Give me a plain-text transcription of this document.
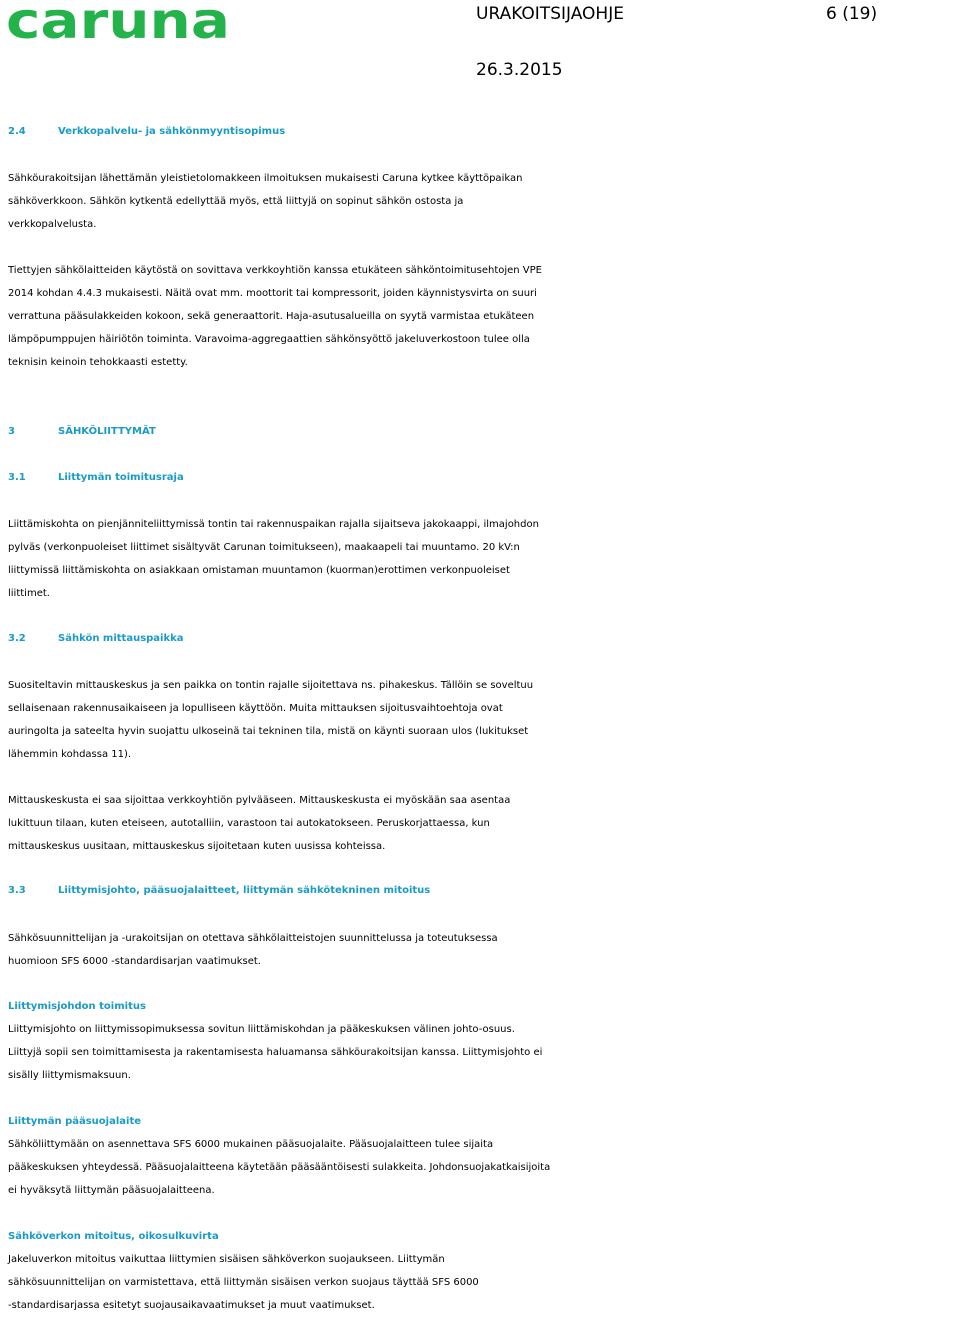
caruna	URAKOITSIJAOHJE	6 (19)
26.3.2015
2.4	Verkkopalvelu- ja sähkönmyyntisopimus

Sähköurakoitsijan lähettämän yleistietolomakkeen ilmoituksen mukaisesti Caruna kytkee käyttöpaikan
sähköverkkoon. Sähkön kytkentä edellyttää myös, että liittyjä on sopinut sähkön ostosta ja
verkkopalvelusta.

Tiettyjen sähkölaitteiden käytöstä on sovittava verkkoyhtiön kanssa etukäteen sähköntoimitusehtojen VPE
2014 kohdan 4.4.3 mukaisesti. Näitä ovat mm. moottorit tai kompressorit, joiden käynnistysvirta on suuri
verrattuna pääsulakkeiden kokoon, sekä generaattorit. Haja-asutusalueilla on syytä varmistaa etukäteen
lämpöpumppujen häiriötön toiminta. Varavoima-aggregaattien sähkönsyöttö jakeluverkostoon tulee olla
teknisin keinoin tehokkaasti estetty.

3	SÄHKÖLIITTYMÄT
3.1	Liittymän toimitusraja

Liittämiskohta on pienjänniteliittymissä tontin tai rakennuspaikan rajalla sijaitseva jakokaappi, ilmajohdon
pylväs (verkonpuoleiset liittimet sisältyvät Carunan toimitukseen), maakaapeli tai muuntamo. 20 kV:n
liittymissä liittämiskohta on asiakkaan omistaman muuntamon (kuorman)erottimen verkonpuoleiset
liittimet.

3.2	Sähkön mittauspaikka

Suositeltavin mittauskeskus ja sen paikka on tontin rajalle sijoitettava ns. pihakeskus. Tällöin se soveltuu
sellaisenaan rakennusaikaiseen ja lopulliseen käyttöön. Muita mittauksen sijoitusvaihtoehtoja ovat
auringolta ja sateelta hyvin suojattu ulkoseinä tai tekninen tila, mistä on käynti suoraan ulos (lukitukset
lähemmin kohdassa 11).

Mittauskeskusta ei saa sijoittaa verkkoyhtiön pylvääseen. Mittauskeskusta ei myöskään saa asentaa
lukittuun tilaan, kuten eteiseen, autotalliin, varastoon tai autokatokseen. Peruskorjattaessa, kun
mittauskeskus uusitaan, mittauskeskus sijoitetaan kuten uusissa kohteissa.

3.3	Liittymisjohto, pääsuojalaitteet, liittymän sähkötekninen mitoitus

Sähkösuunnittelijan ja -urakoitsijan on otettava sähkölaitteistojen suunnittelussa ja toteutuksessa
huomioon SFS 6000 -standardisarjan vaatimukset.

Liittymisjohdon toimitus

Liittymisjohto on liittymissopimuksessa sovitun liittämiskohdan ja pääkeskuksen välinen johto-osuus.
Liittyjä sopii sen toimittamisesta ja rakentamisesta haluamansa sähköurakoitsijan kanssa. Liittymisjohto ei
sisälly liittymismaksuun.

Liittymän pääsuojalaite

Sähköliittymään on asennettava SFS 6000 mukainen pääsuojalaite. Pääsuojalaitteen tulee sijaita
pääkeskuksen yhteydessä. Pääsuojalaitteena käytetään pääsääntöisesti sulakkeita. Johdonsuojakatkaisijoita
ei hyväksytä liittymän pääsuojalaitteena.

Sähköverkon mitoitus, oikosulkuvirta

Jakeluverkon mitoitus vaikuttaa liittymien sisäisen sähköverkon suojaukseen. Liittymän
sähkösuunnittelijan on varmistettava, että liittymän sisäisen verkon suojaus täyttää SFS 6000
-standardisarjassa esitetyt suojausaikavaatimukset ja muut vaatimukset.
